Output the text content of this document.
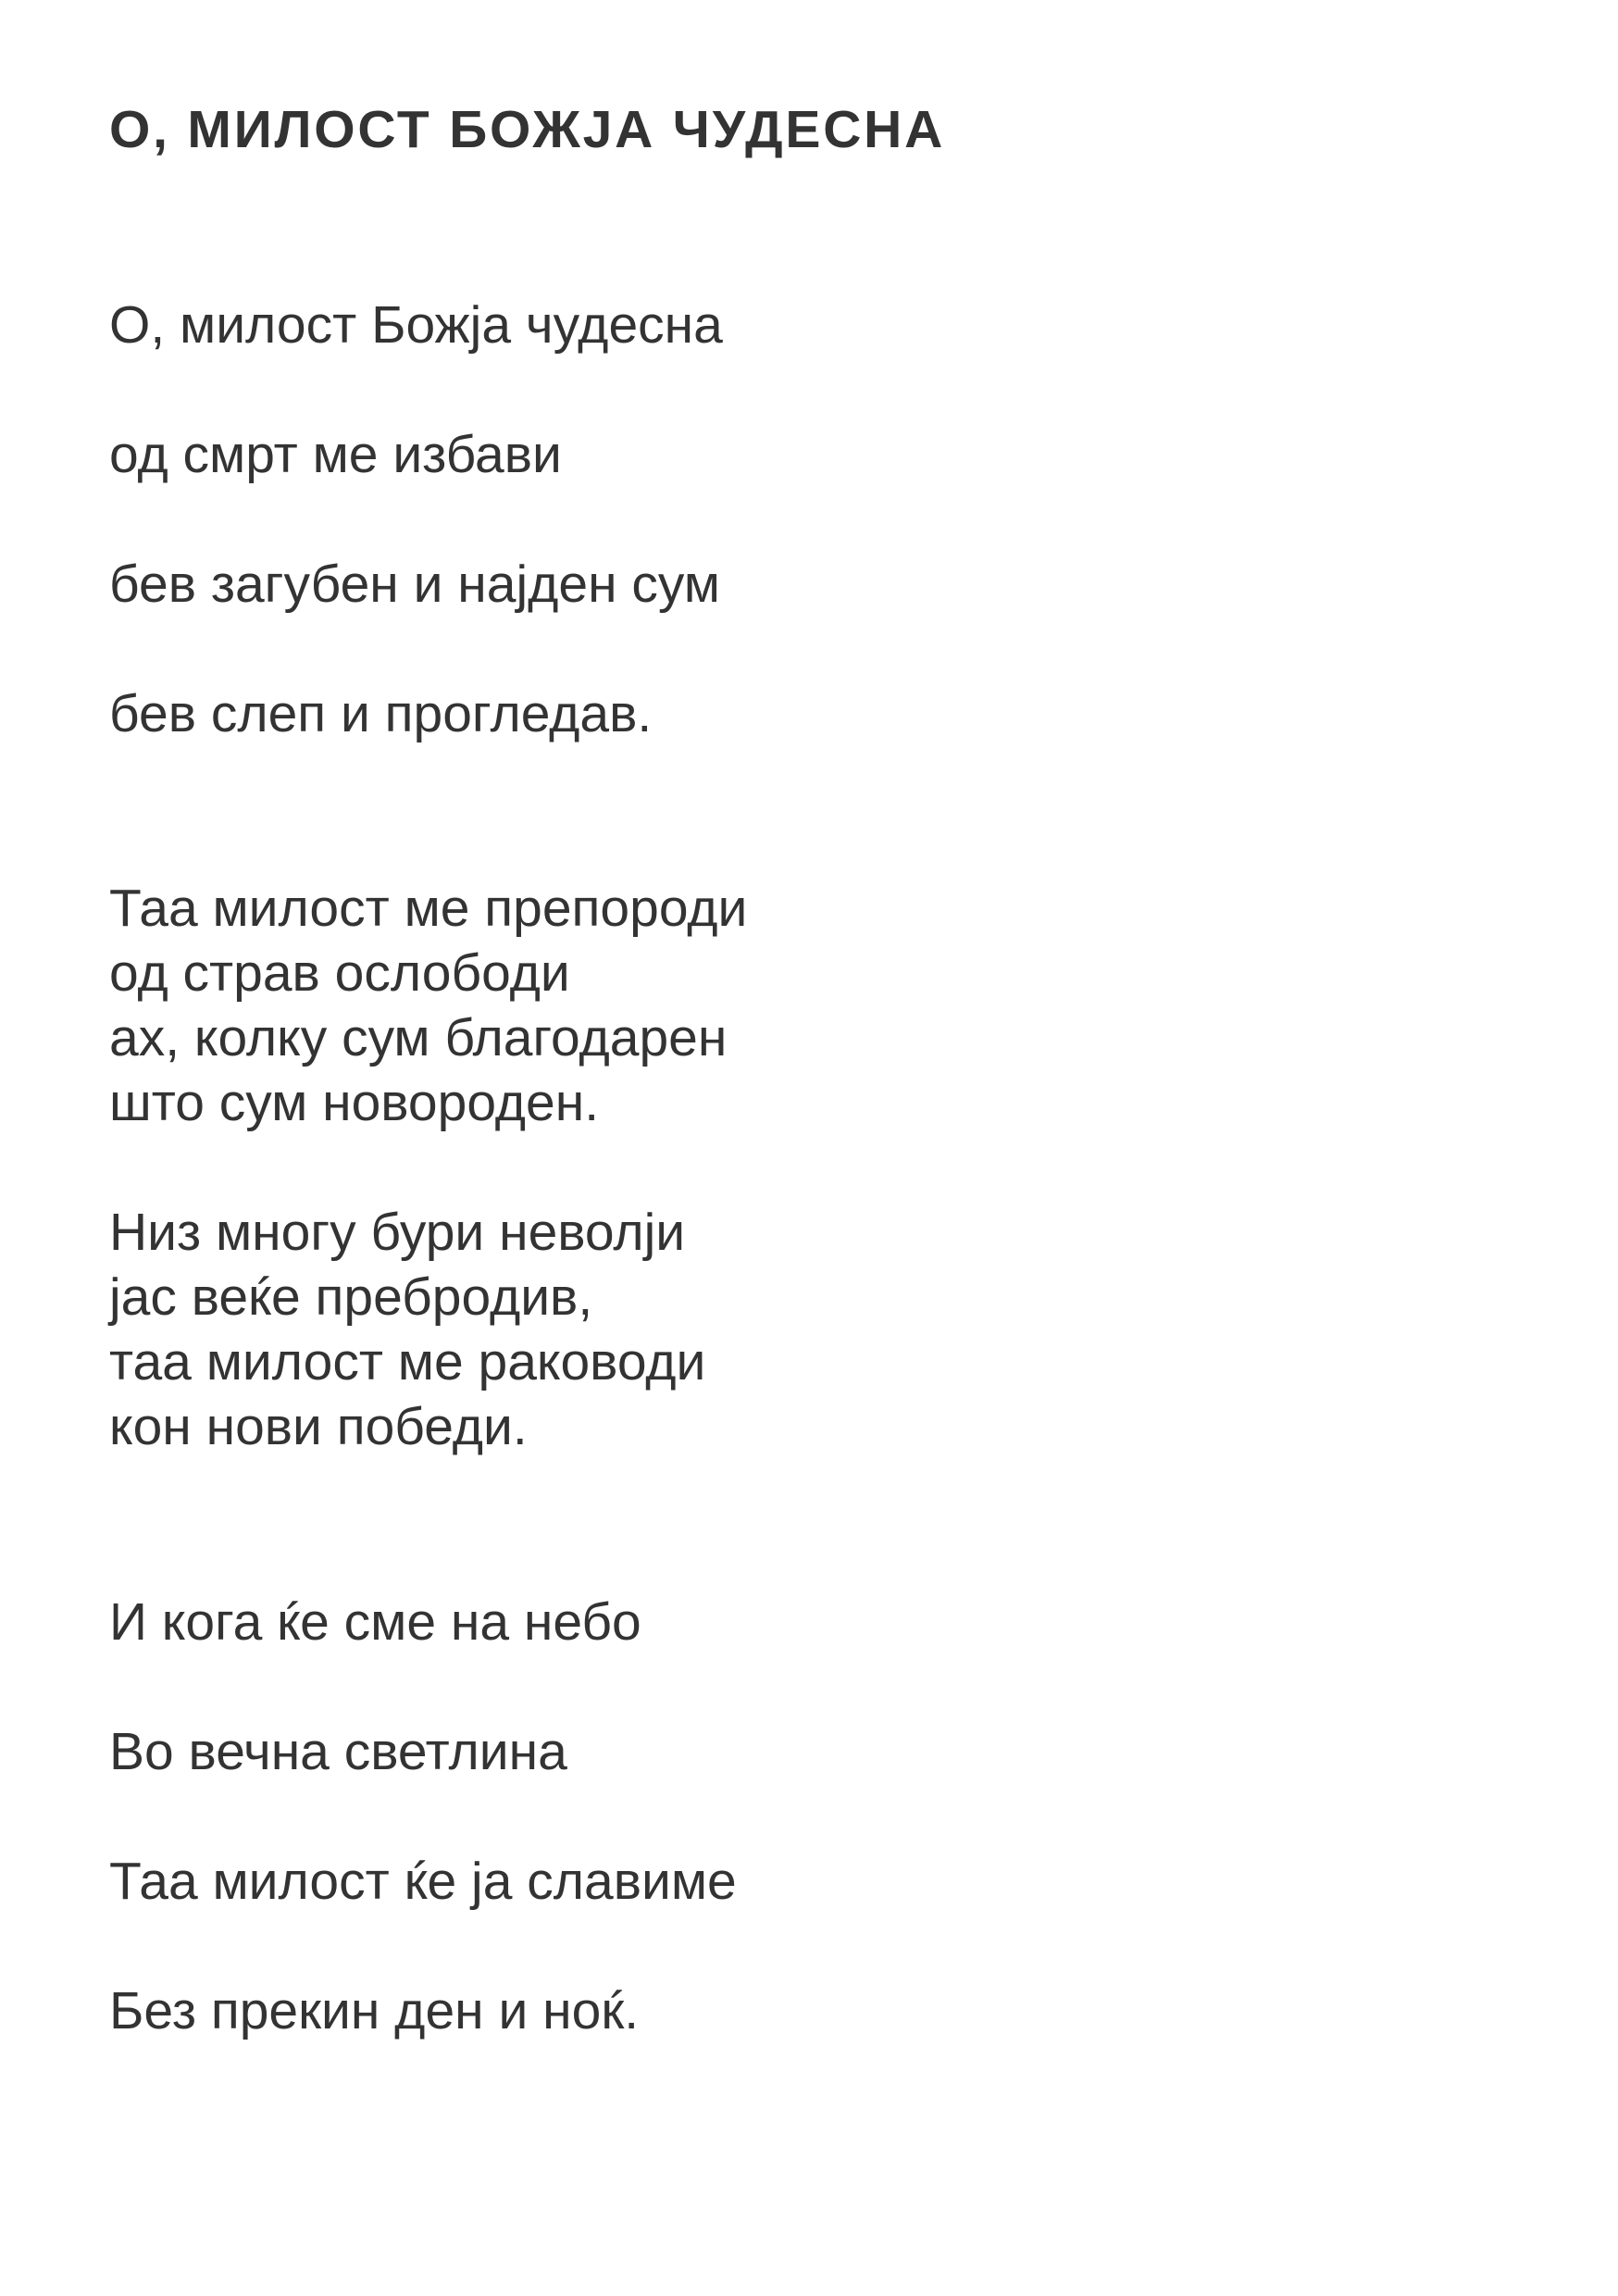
О, МИЛОСТ БОЖЈА ЧУДЕСНА

О, милост Божја чудесна

од смрт ме избави

бев загубен и најден сум

бев слеп и прогледав.

Таа милост ме препороди

од страв ослободи

ах, колку сум благодарен

што сум новороден.

Низ многу бури неволји

јас веќе пребродив,

таа милост ме раководи

кон нови победи.

И кога ќе сме на небо

Во вечна светлина

Таа милост ќе ја славиме

Без прекин ден и ноќ.
